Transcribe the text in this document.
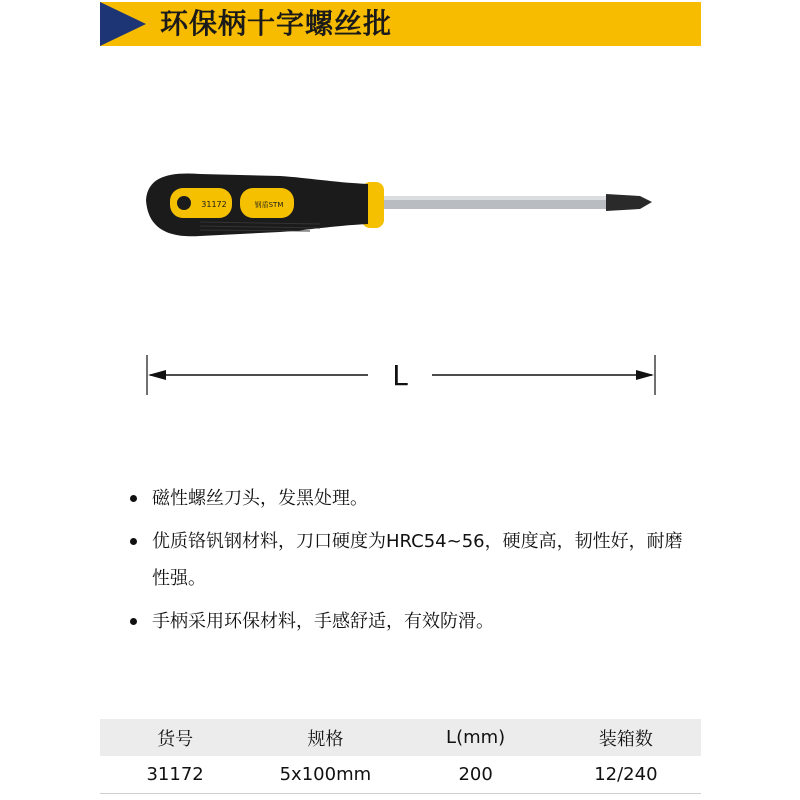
环保柄十字螺丝批
31172	钢盾STM
L
磁性螺丝刀头，发黑处理。
优质铬钒钢材料，刀口硬度为HRC54~56，硬度高，韧性好，耐磨性强。
手柄采用环保材料，手感舒适，有效防滑。
货号	规格	L(mm)	装箱数
31172	5x100mm	200	12/240
